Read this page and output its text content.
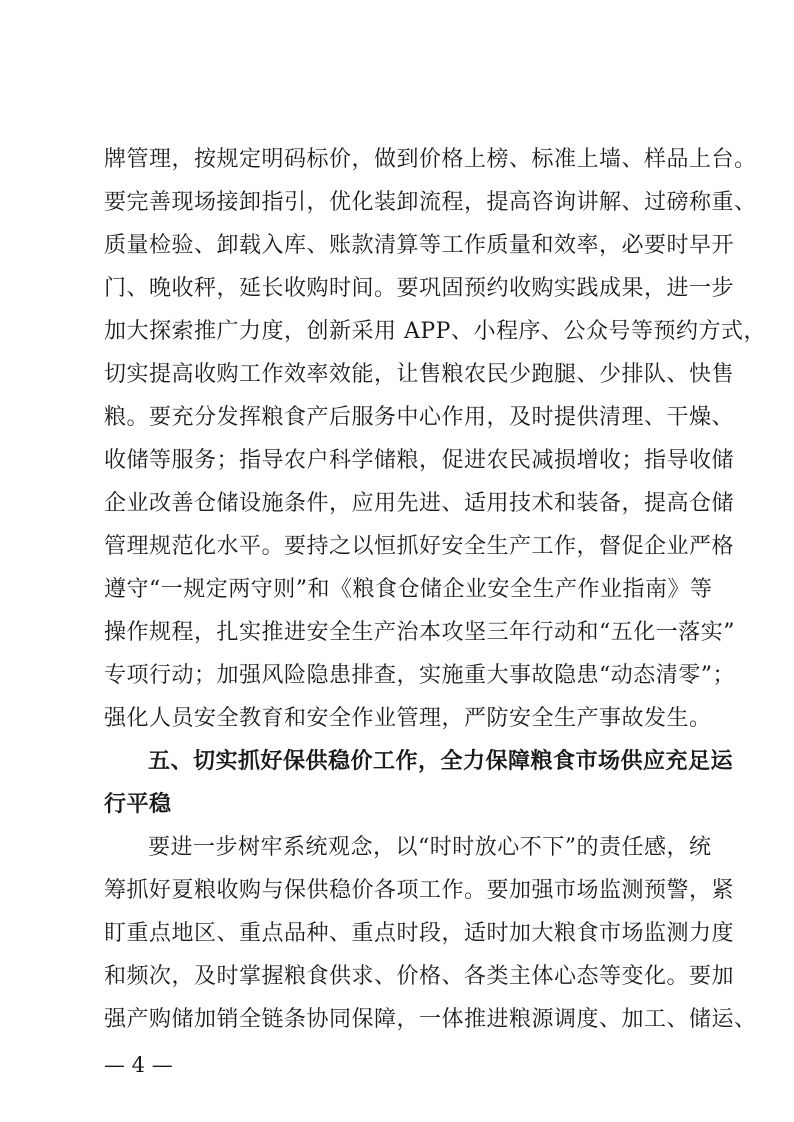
牌管理，按规定明码标价，做到价格上榜、标准上墙、样品上台。
要完善现场接卸指引，优化装卸流程，提高咨询讲解、过磅称重、
质量检验、卸载入库、账款清算等工作质量和效率，必要时早开
门、晚收秤，延长收购时间。要巩固预约收购实践成果，进一步
加大探索推广力度，创新采用 APP、小程序、公众号等预约方式，
切实提高收购工作效率效能，让售粮农民少跑腿、少排队、快售
粮。要充分发挥粮食产后服务中心作用，及时提供清理、干燥、
收储等服务；指导农户科学储粮，促进农民减损增收；指导收储
企业改善仓储设施条件，应用先进、适用技术和装备，提高仓储
管理规范化水平。要持之以恒抓好安全生产工作，督促企业严格
遵守“一规定两守则”和《粮食仓储企业安全生产作业指南》等
操作规程，扎实推进安全生产治本攻坚三年行动和“五化一落实”
专项行动；加强风险隐患排查，实施重大事故隐患“动态清零”；
强化人员安全教育和安全作业管理，严防安全生产事故发生。
五、切实抓好保供稳价工作，全力保障粮食市场供应充足运
行平稳
要进一步树牢系统观念，以“时时放心不下”的责任感，统
筹抓好夏粮收购与保供稳价各项工作。要加强市场监测预警，紧
盯重点地区、重点品种、重点时段，适时加大粮食市场监测力度
和频次，及时掌握粮食供求、价格、各类主体心态等变化。要加
强产购储加销全链条协同保障，一体推进粮源调度、加工、储运、
— 4 —
